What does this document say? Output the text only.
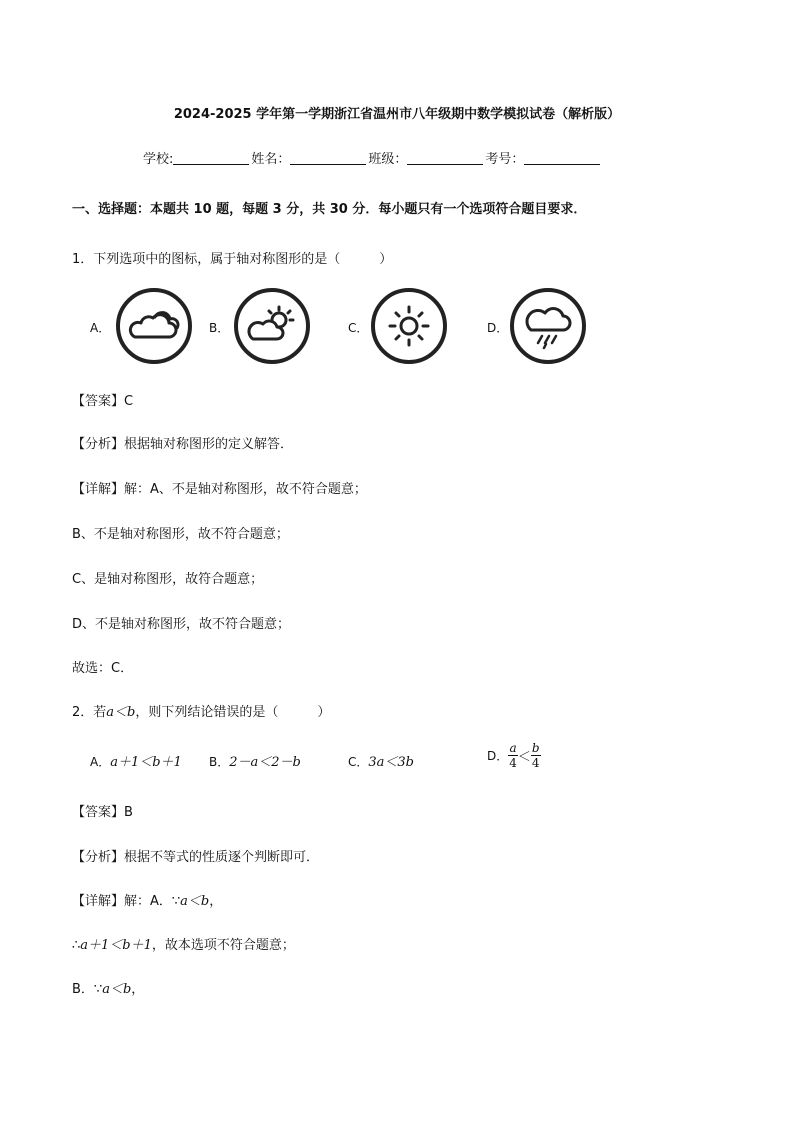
2024-2025 学年第一学期浙江省温州市八年级期中数学模拟试卷（解析版）
学校:	姓名：	班级：	考号：
一、选择题：本题共 10 题，每题 3 分，共 30 分．每小题只有一个选项符合题目要求．
1．下列选项中的图标，属于轴对称图形的是（　　　）
A．	B．	C．	D．
【答案】C
【分析】根据轴对称图形的定义解答．
【详解】解：A、不是轴对称图形，故不符合题意；
B、不是轴对称图形，故不符合题意；
C、是轴对称图形，故符合题意；
D、不是轴对称图形，故不符合题意；
故选：C．
2．若a＜b，则下列结论错误的是（　　　）
A．a＋1＜b＋1 B．2－a＜2－b	C．3a＜3b	D． $\frac{a}{4} < \frac{b}{4}$
【答案】B
【分析】根据不等式的性质逐个判断即可．
【详解】解：A．∵a＜b，
∴a＋1＜b＋1，故本选项不符合题意；
B．∵a＜b，
